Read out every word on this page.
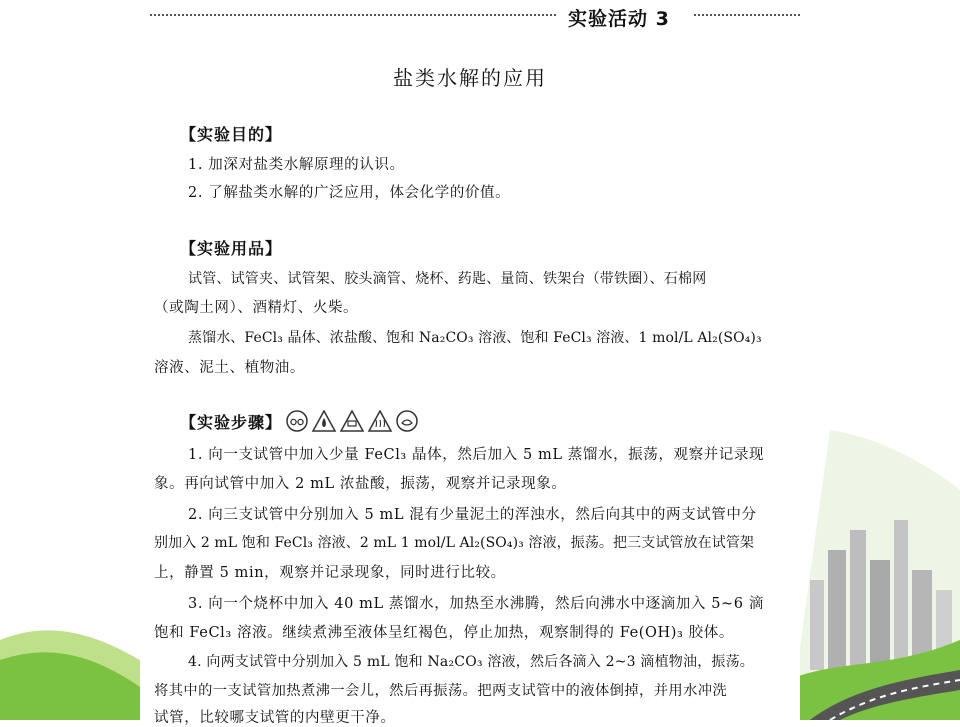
实验活动 3
盐类水解的应用
【实验目的】
1. 加深对盐类水解原理的认识。
2. 了解盐类水解的广泛应用，体会化学的价值。
【实验用品】
试管、试管夹、试管架、胶头滴管、烧杯、药匙、量筒、铁架台（带铁圈）、石棉网
（或陶土网）、酒精灯、火柴。
蒸馏水、FeCl₃ 晶体、浓盐酸、饱和 Na₂CO₃ 溶液、饱和 FeCl₃ 溶液、1 mol/L Al₂(SO₄)₃
溶液、泥土、植物油。
【实验步骤】
1. 向一支试管中加入少量 FeCl₃ 晶体，然后加入 5 mL 蒸馏水，振荡，观察并记录现
象。再向试管中加入 2 mL 浓盐酸，振荡，观察并记录现象。
2. 向三支试管中分别加入 5 mL 混有少量泥土的浑浊水，然后向其中的两支试管中分
别加入 2 mL 饱和 FeCl₃ 溶液、2 mL 1 mol/L Al₂(SO₄)₃ 溶液，振荡。把三支试管放在试管架
上，静置 5 min，观察并记录现象，同时进行比较。
3. 向一个烧杯中加入 40 mL 蒸馏水，加热至水沸腾，然后向沸水中逐滴加入 5~6 滴
饱和 FeCl₃ 溶液。继续煮沸至液体呈红褐色，停止加热，观察制得的 Fe(OH)₃ 胶体。
4. 向两支试管中分别加入 5 mL 饱和 Na₂CO₃ 溶液，然后各滴入 2~3 滴植物油，振荡。
将其中的一支试管加热煮沸一会儿，然后再振荡。把两支试管中的液体倒掉，并用水冲洗
试管，比较哪支试管的内壁更干净。
